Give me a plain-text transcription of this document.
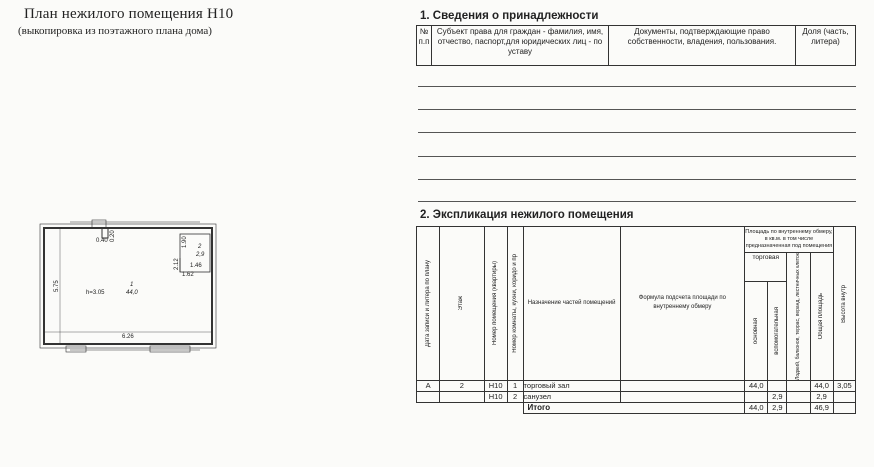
План нежилого помещения Н10
(выкопировка из поэтажного плана дома)
1. Сведения о принадлежности
№ п.п	Субъект права для граждан - фамилия, имя, отчество, паспорт,для юридических лиц - по уставу	Документы, подтверждающие право собственности, владения, пользования.	Доля (часть, литера)
2. Экспликация нежилого помещения
Дата записи и Литера по плану	Этаж	Номер помещения (квартиры)	Номер комнаты, кухни, коридо и пр	Назначение частей помещений	Формула подсчета площади по внутреннему обмеру	Площадь по внутреннему обмеру, в кв.м. в том числе предназначенная под помещения				Высота внутр

						торговая		Лоджий, балконов, террас, веранд, лестничных клеток	Общая площадь	

						основная	вспомогательная			

А	2	Н10	1	торговый зал		44,0			44,0	3,05
		Н10	2	санузел			2,9		2,9	
				Итого		44,0	2,9		46,9	
0.40 0.20
5.75
h=3.05
1
44,0
1.90 2
2,9
2.12 1.46
1.62
6.26
